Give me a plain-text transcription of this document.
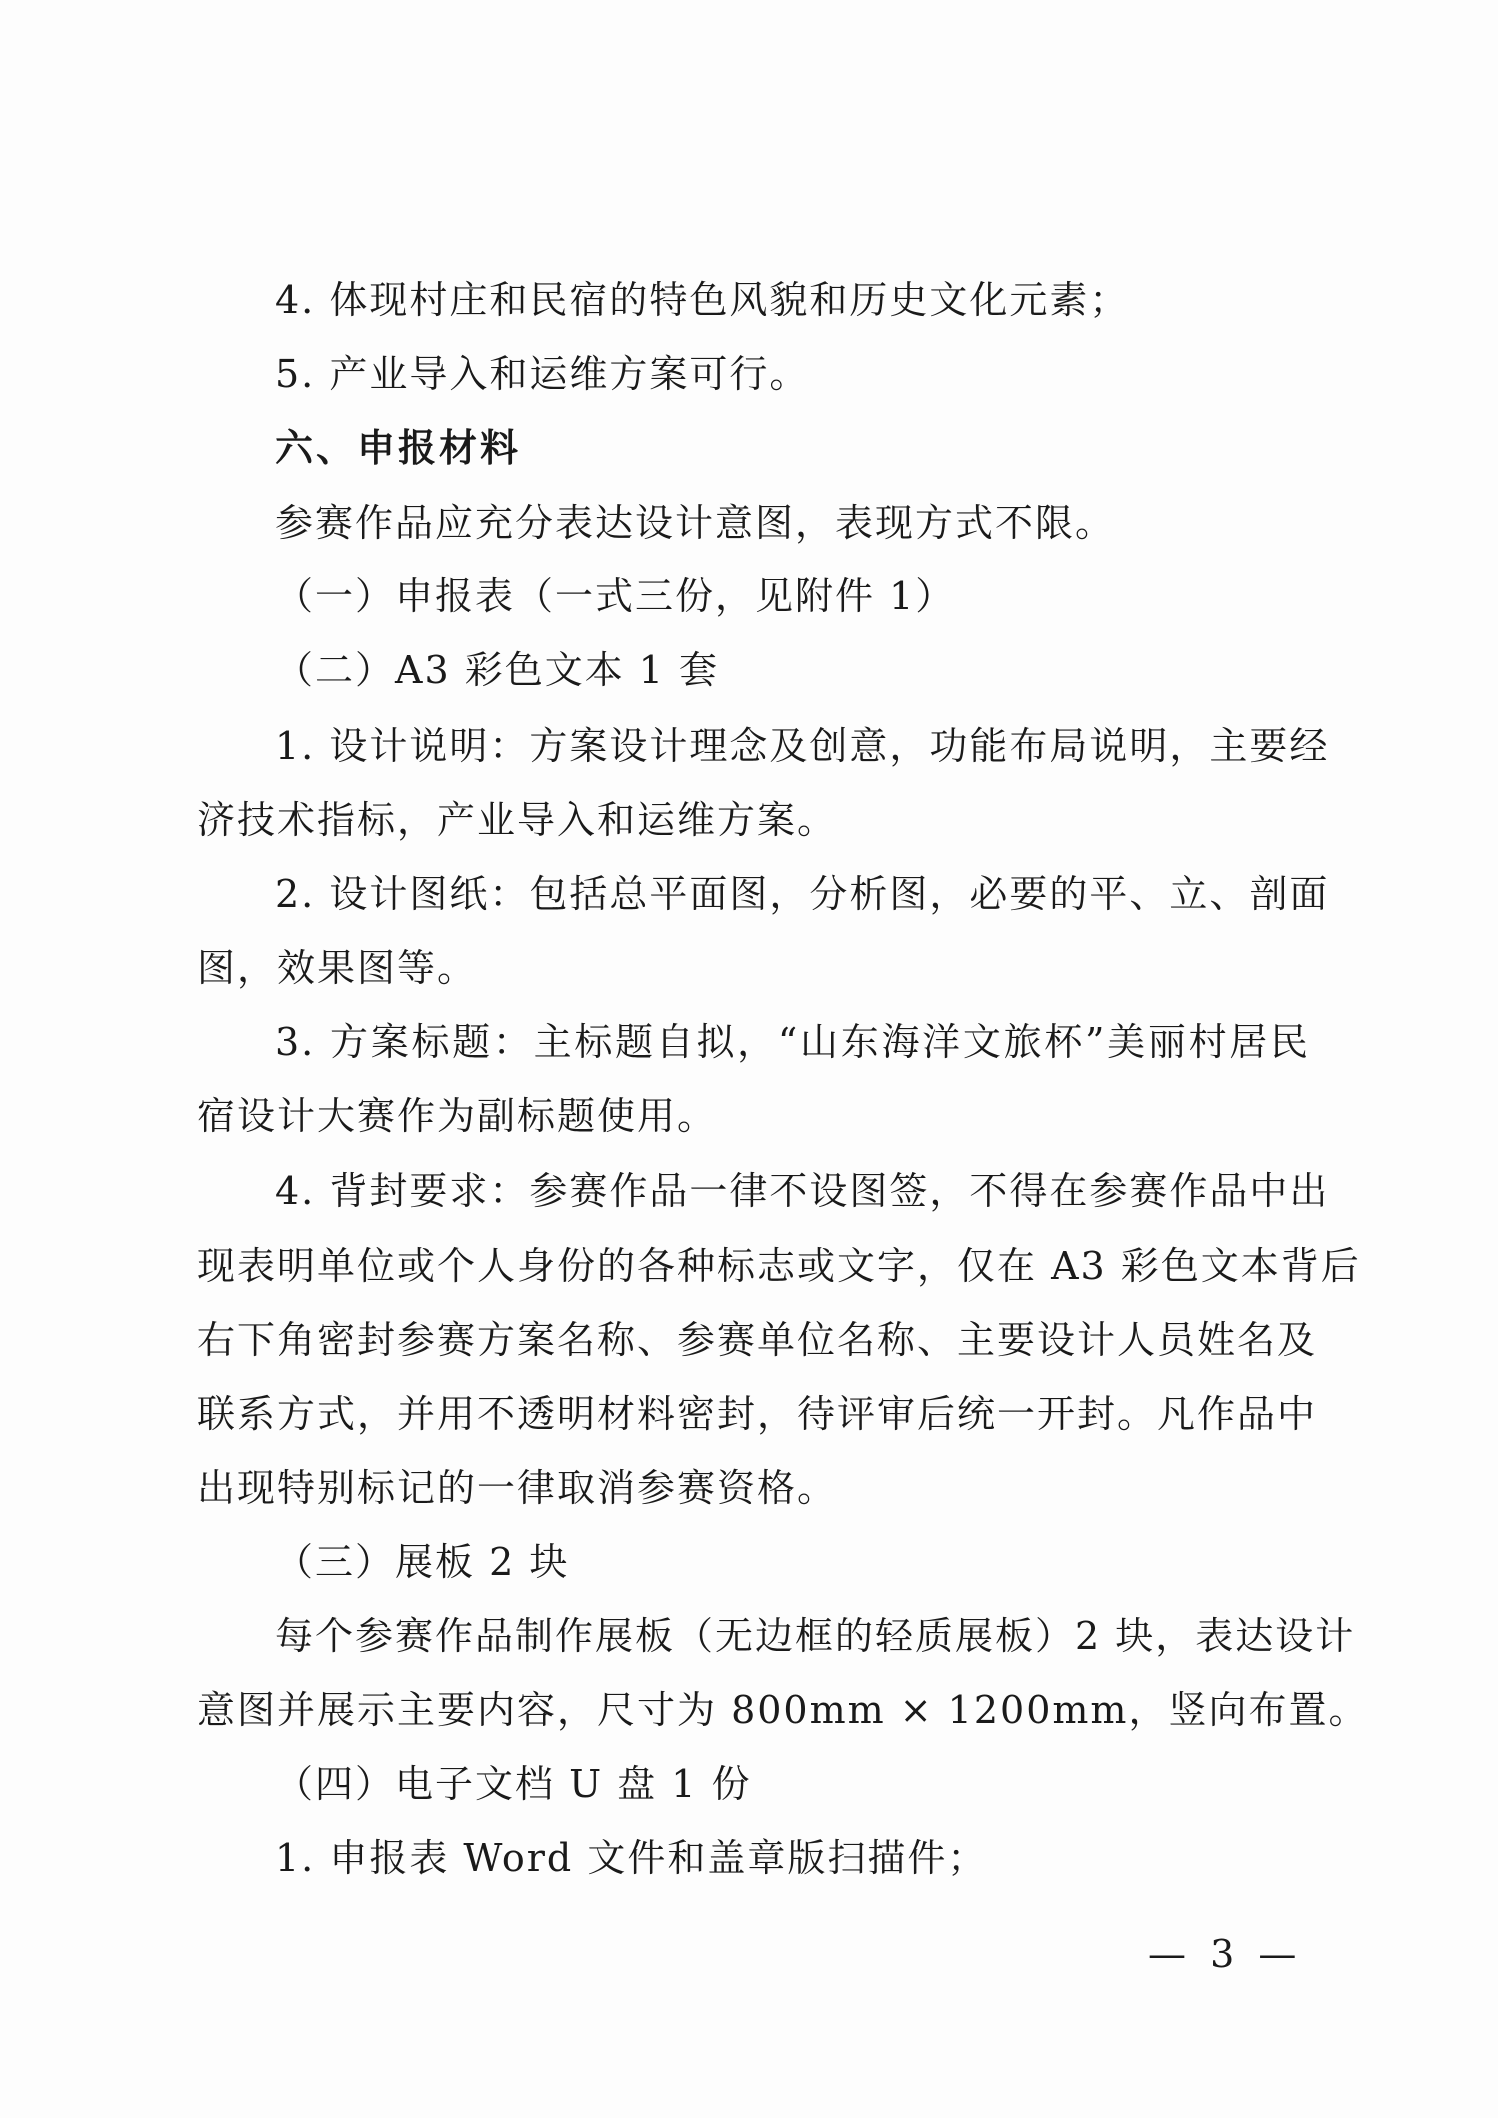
4. 体现村庄和民宿的特色风貌和历史文化元素；
5. 产业导入和运维方案可行。
六、申报材料
参赛作品应充分表达设计意图，表现方式不限。
（一）申报表（一式三份，见附件 1）
（二）A3 彩色文本 1 套
1. 设计说明：方案设计理念及创意，功能布局说明，主要经
济技术指标，产业导入和运维方案。
2. 设计图纸：包括总平面图，分析图，必要的平、立、剖面
图，效果图等。
3. 方案标题：主标题自拟，“山东海洋文旅杯”美丽村居民
宿设计大赛作为副标题使用。
4. 背封要求：参赛作品一律不设图签，不得在参赛作品中出
现表明单位或个人身份的各种标志或文字，仅在 A3 彩色文本背后
右下角密封参赛方案名称、参赛单位名称、主要设计人员姓名及
联系方式，并用不透明材料密封，待评审后统一开封。凡作品中
出现特别标记的一律取消参赛资格。
（三）展板 2 块
每个参赛作品制作展板（无边框的轻质展板）2 块，表达设计
意图并展示主要内容，尺寸为 800mm × 1200mm，竖向布置。
（四）电子文档 U 盘 1 份
1. 申报表 Word 文件和盖章版扫描件；
— 3 —
